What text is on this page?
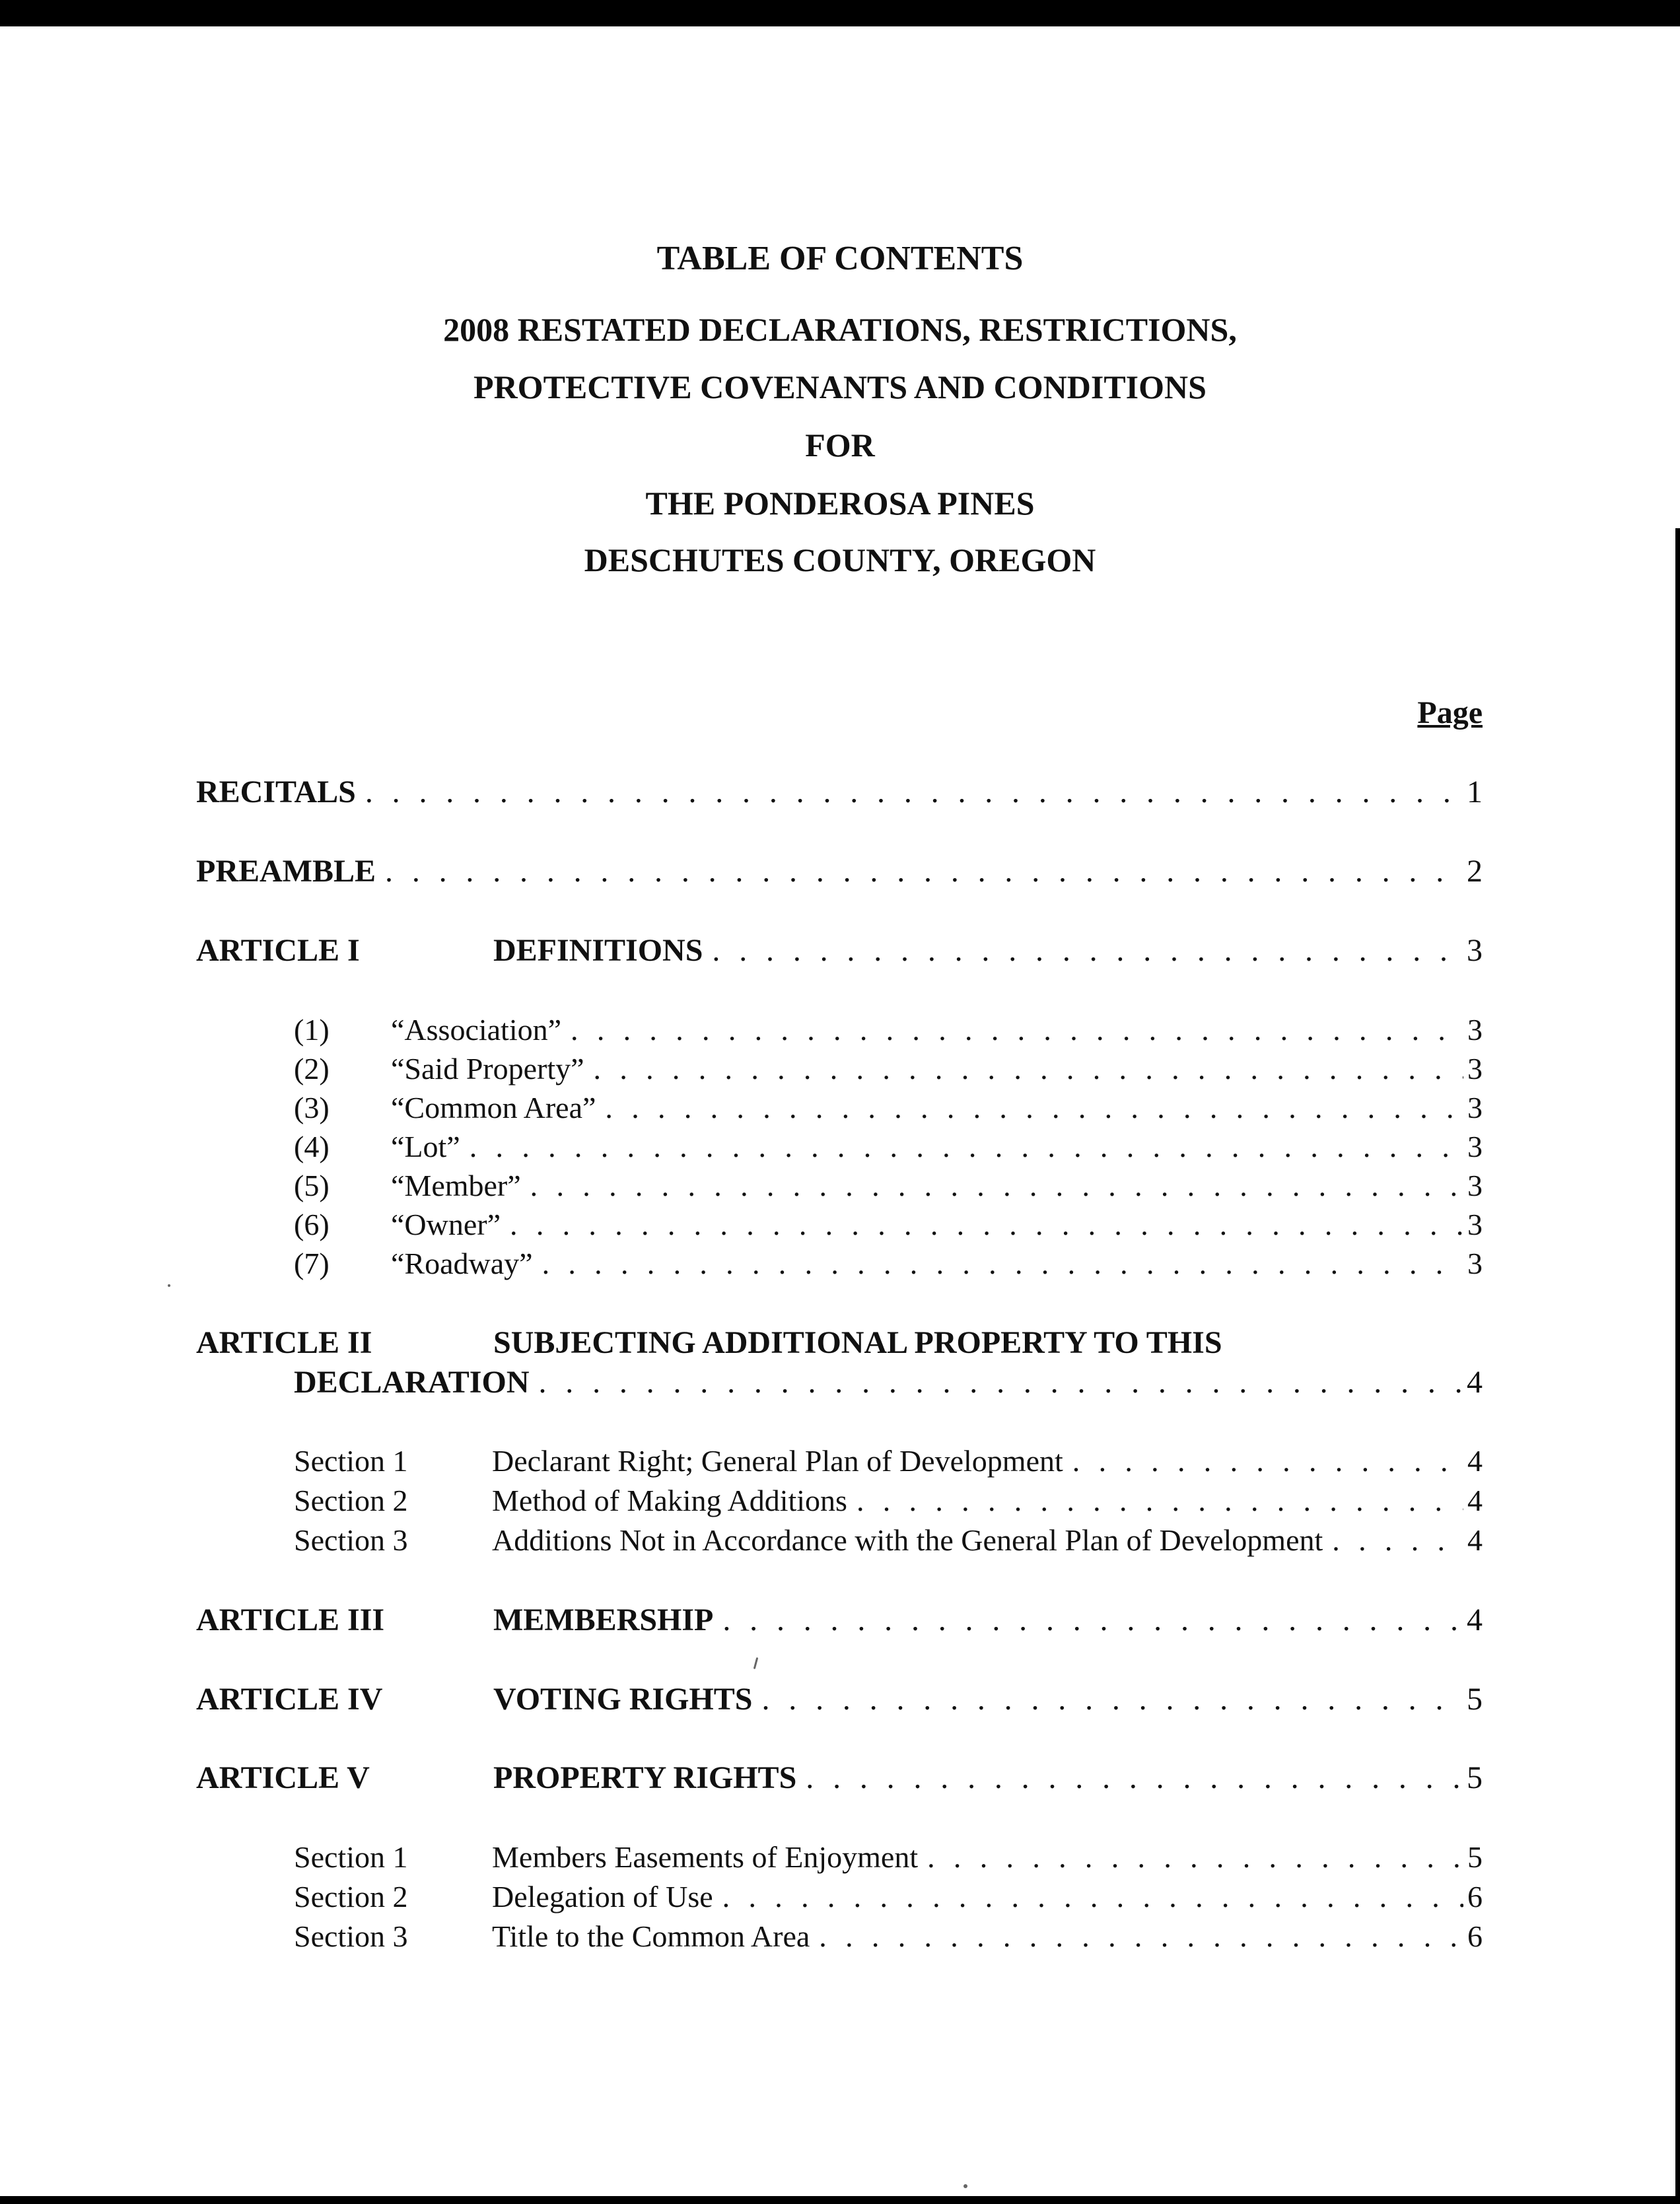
TABLE OF CONTENTS
2008 RESTATED DECLARATIONS, RESTRICTIONS,
PROTECTIVE COVENANTS AND CONDITIONS
FOR
THE PONDEROSA PINES
DESCHUTES COUNTY, OREGON
Page
RECITALS . . .	1
PREAMBLE . . .	2
ARTICLE I	DEFINITIONS . . .	3
(1)	“Association” . . .	3
(2)	“Said Property” . . .	3
(3)	“Common Area” . . .	3
(4)	“Lot” . . .	3
(5)	“Member” . . .	3
(6)	“Owner” . . .	3
(7)	“Roadway” . . .	3
ARTICLE II	SUBJECTING ADDITIONAL PROPERTY TO THIS
DECLARATION . . .	4
Section 1	Declarant Right; General Plan of Development . . .	4
Section 2	Method of Making Additions . . .	4
Section 3	Additions Not in Accordance with the General Plan of Development . . .	4
ARTICLE III	MEMBERSHIP . . .	4
ARTICLE IV	VOTING RIGHTS . . .	5
ARTICLE V	PROPERTY RIGHTS . . .	5
Section 1	Members Easements of Enjoyment . . .	5
Section 2	Delegation of Use . . .	6
Section 3	Title to the Common Area . . .	6
